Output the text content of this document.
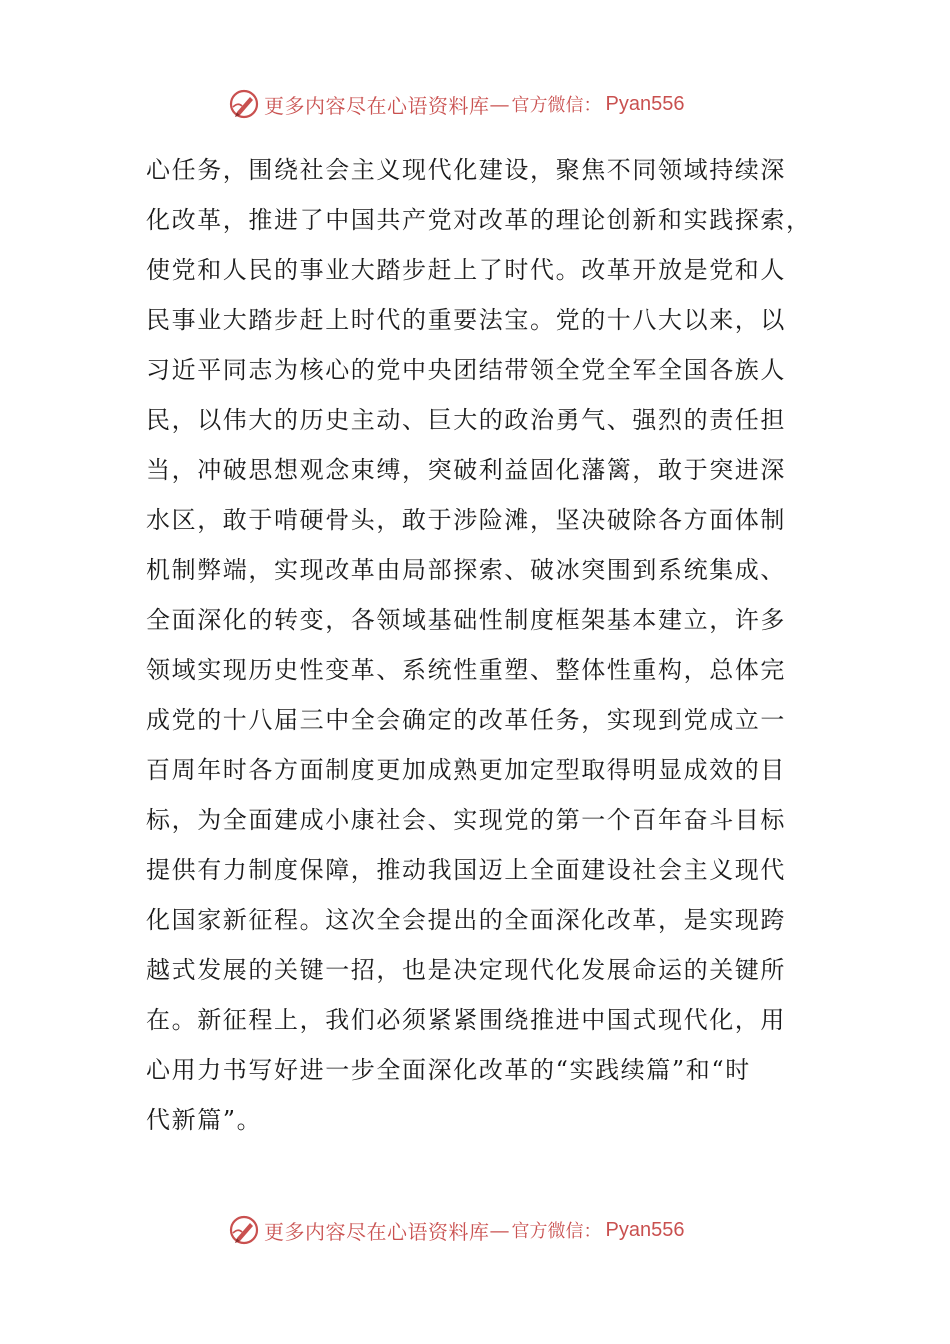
更多内容尽在心语资料库 — 官方微信： Pyan556
心任务，围绕社会主义现代化建设，聚焦不同领域持续深
化改革，推进了中国共产党对改革的理论创新和实践探索，
使党和人民的事业大踏步赶上了时代。改革开放是党和人
民事业大踏步赶上时代的重要法宝。党的十八大以来，以
习近平同志为核心的党中央团结带领全党全军全国各族人
民，以伟大的历史主动、巨大的政治勇气、强烈的责任担
当，冲破思想观念束缚，突破利益固化藩篱，敢于突进深
水区，敢于啃硬骨头，敢于涉险滩，坚决破除各方面体制
机制弊端，实现改革由局部探索、破冰突围到系统集成、
全面深化的转变，各领域基础性制度框架基本建立，许多
领域实现历史性变革、系统性重塑、整体性重构，总体完
成党的十八届三中全会确定的改革任务，实现到党成立一
百周年时各方面制度更加成熟更加定型取得明显成效的目
标，为全面建成小康社会、实现党的第一个百年奋斗目标
提供有力制度保障，推动我国迈上全面建设社会主义现代
化国家新征程。这次全会提出的全面深化改革，是实现跨
越式发展的关键一招，也是决定现代化发展命运的关键所
在。新征程上，我们必须紧紧围绕推进中国式现代化，用
心用力书写好进一步全面深化改革的“实践续篇”和“时
代新篇”。
更多内容尽在心语资料库 — 官方微信： Pyan556
